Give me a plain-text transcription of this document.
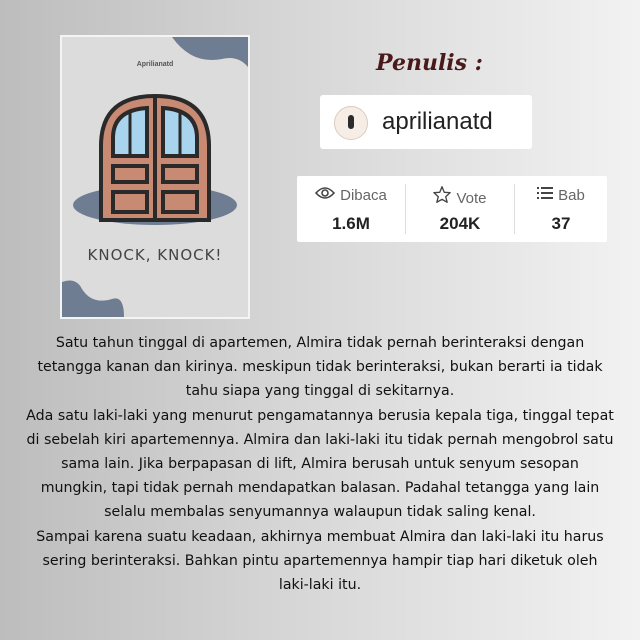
Aprilianatd
KNOCK, KNOCK!
Penulis :
aprilianatd
Dibaca
1.6M
Vote
204K
Bab
37

Satu tahun tinggal di apartemen, Almira tidak pernah berinteraksi dengan tetangga kanan dan kirinya. meskipun tidak berinteraksi, bukan berarti ia tidak tahu siapa yang tinggal di sekitarnya.

Ada satu laki-laki yang menurut pengamatannya berusia kepala tiga, tinggal tepat di sebelah kiri apartemennya. Almira dan laki-laki itu tidak pernah mengobrol satu sama lain. Jika berpapasan di lift, Almira berusah untuk senyum sesopan mungkin, tapi tidak pernah mendapatkan balasan. Padahal tetangga yang lain selalu membalas senyumannya walaupun tidak saling kenal.

Sampai karena suatu keadaan, akhirnya membuat Almira dan laki-laki itu harus sering berinteraksi. Bahkan pintu apartemennya hampir tiap hari diketuk oleh laki-laki itu.
